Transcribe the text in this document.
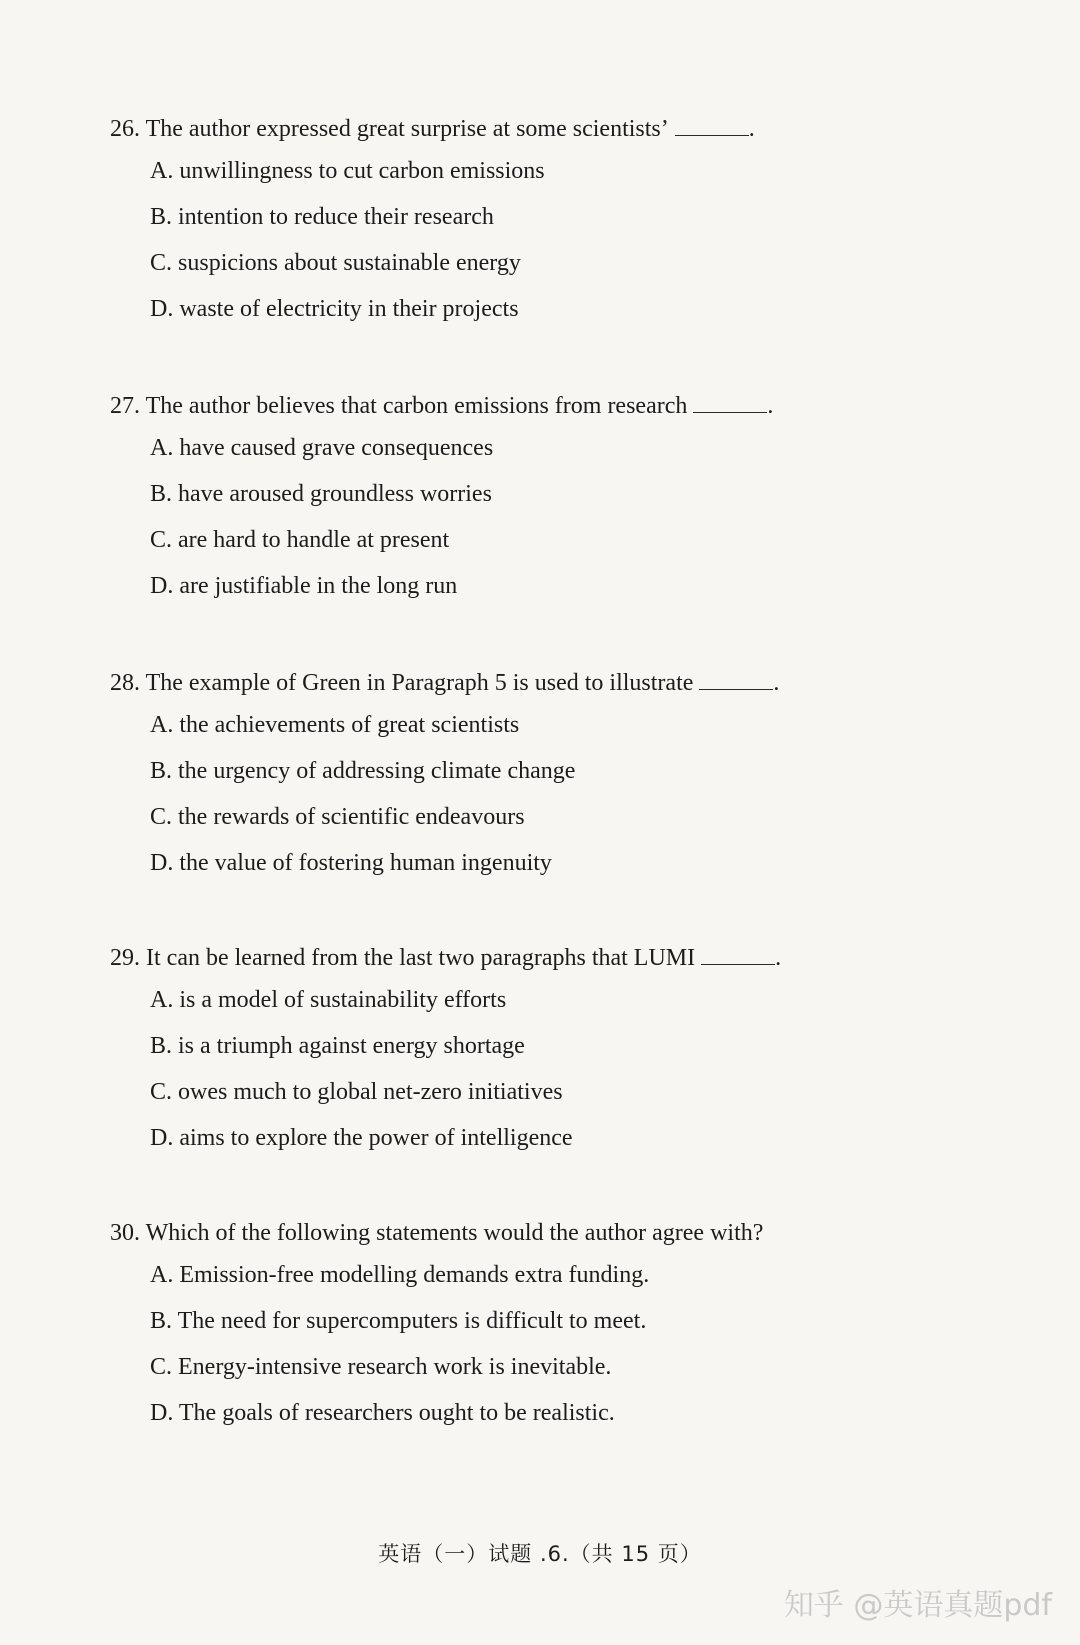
26. The author expressed great surprise at some scientists’	.
A. unwillingness to cut carbon emissions
B. intention to reduce their research
C. suspicions about sustainable energy
D. waste of electricity in their projects
27. The author believes that carbon emissions from research	.
A. have caused grave consequences
B. have aroused groundless worries
C. are hard to handle at present
D. are justifiable in the long run
28. The example of Green in Paragraph 5 is used to illustrate	.
A. the achievements of great scientists
B. the urgency of addressing climate change
C. the rewards of scientific endeavours
D. the value of fostering human ingenuity
29. It can be learned from the last two paragraphs that LUMI	.
A. is a model of sustainability efforts
B. is a triumph against energy shortage
C. owes much to global net-zero initiatives
D. aims to explore the power of intelligence
30. Which of the following statements would the author agree with?
A. Emission-free modelling demands extra funding.
B. The need for supercomputers is difficult to meet.
C. Energy-intensive research work is inevitable.
D. The goals of researchers ought to be realistic.
英语（一）试题 .6.（共 15 页）
知乎 @英语真题pdf
